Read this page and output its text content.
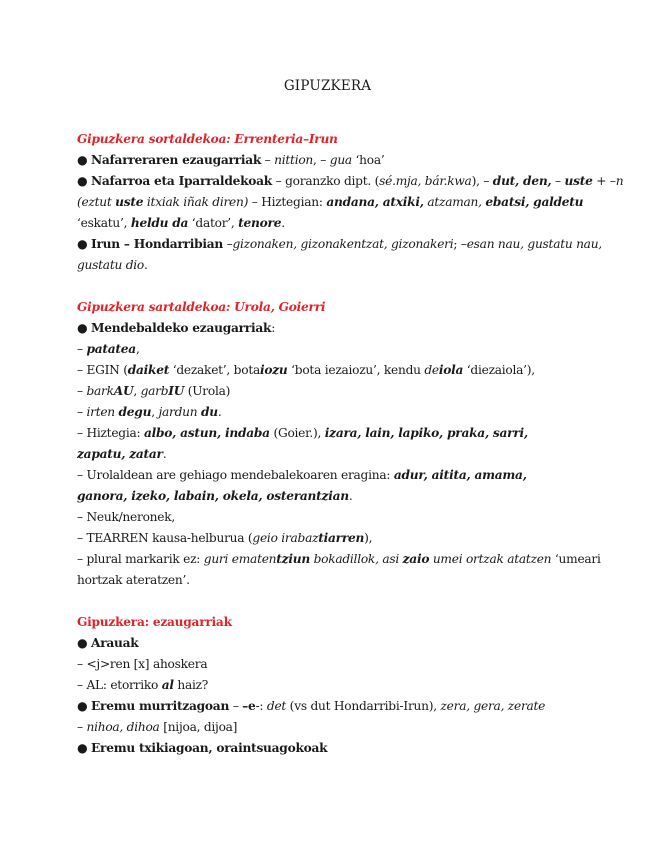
GIPUZKERA
Gipuzkera sortaldekoa: Errenteria–Irun
● Nafarreraren ezaugarriak – nittion, – gua ‘hoa’
● Nafarroa eta Iparraldekoak – goranzko dipt. (sé.mja, bár.kwa), – dut, den, – uste + –n
(eztut uste itxiak iñak diren) – Hiztegian: andana, atxiki, atzaman, ebatsi, galdetu
‘eskatu’, heldu da ‘dator’, tenore.
● Irun – Hondarribian –gizonaken, gizonakentzat, gizonakeri; –esan nau, gustatu nau,
gustatu dio.
Gipuzkera sartaldekoa: Urola, Goierri
● Mendebaldeko ezaugarriak:
– patatea,
– EGIN (daiket ‘dezaket’, botaiozu ‘bota iezaiozu’, kendu deiola ‘diezaiola’),
– barkAU, garbIU (Urola)
– irten degu, jardun du.
– Hiztegia: albo, astun, indaba (Goier.), izara, lain, lapiko, praka, sarri,
zapatu, zatar.
– Urolaldean are gehiago mendebalekoaren eragina: adur, aitita, amama,
ganora, izeko, labain, okela, osterantzian.
– Neuk/neronek,
– TEARREN kausa-helburua (geio irabaztiarren),
– plural markarik ez: guri ematentziun bokadillok, asi zaio umei ortzak atatzen ‘umeari
hortzak ateratzen’.
Gipuzkera: ezaugarriak
● Arauak
– <j>ren [x] ahoskera
– AL: etorriko al haiz?
● Eremu murritzagoan – –e-: det (vs dut Hondarribi-Irun), zera, gera, zerate
– nihoa, dihoa [nijoa, dijoa]
● Eremu txikiagoan, oraintsuagokoak
